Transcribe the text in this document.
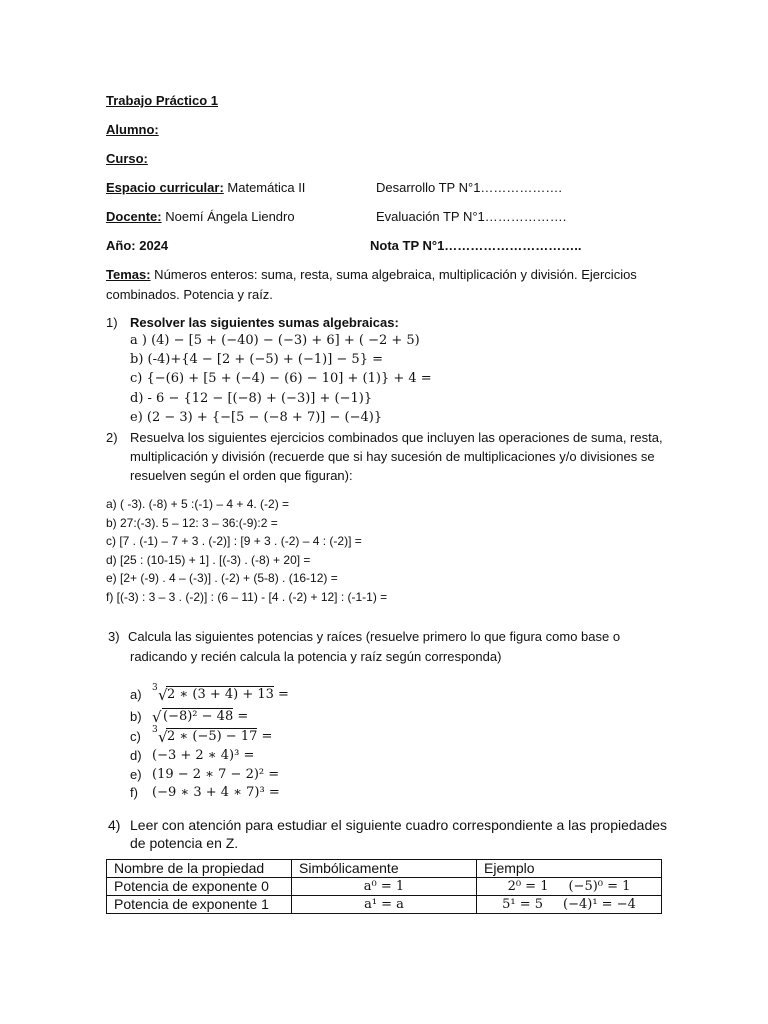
Trabajo Práctico 1
Alumno:
Curso:
Espacio curricular: Matemática II	Desarrollo TP N°1……………….
Docente: Noemí Ángela Liendro	Evaluación TP N°1……………….
Año: 2024	Nota TP N°1…………………………..
Temas: Números enteros: suma, resta, suma algebraica, multiplicación y división. Ejercicios
combinados. Potencia y raíz.
1) Resolver las siguientes sumas algebraicas:
a ) (4) − [5 + (−40) − (−3) + 6] + ( −2 + 5)
b) (-4)+{4 − [2 + (−5) + (−1)] − 5} =
c) {−(6) + [5 + (−4) − (6) − 10] + (1)} + 4 =
d) - 6 − {12 − [(−8) + (−3)] + (−1)}
e) (2 − 3) + {−[5 − (−8 + 7)] − (−4)}
2) Resuelva los siguientes ejercicios combinados que incluyen las operaciones de suma, resta,
multiplicación y división (recuerde que si hay sucesión de multiplicaciones y/o divisiones se
resuelven según el orden que figuran):
a) ( -3). (-8) + 5 :(-1) – 4 + 4. (-2) =
b) 27:(-3). 5 – 12: 3 – 36:(-9):2 =
c) [7 . (-1) – 7 + 3 . (-2)] : [9 + 3 . (-2) – 4 : (-2)] =
d) [25 : (10-15) + 1] . [(-3) . (-8) + 20] =
e) [2+ (-9) . 4 – (-3)] . (-2) + (5-8) . (16-12) =
f) [(-3) : 3 – 3 . (-2)] : (6 – 11) - [4 . (-2) + 12] : (-1-1) =
3) Calcula las siguientes potencias y raíces (resuelve primero lo que figura como base o
radicando y recién calcula la potencia y raíz según corresponda)
a) 3 √ 2 ∗ (3 + 4) + 13 =
b) √ (−8)² − 48 =
c) 3 √ 2 ∗ (−5) − 17 =
d) (−3 + 2 ∗ 4)³ =
e) (19 − 2 ∗ 7 − 2)² =
f) (−9 ∗ 3 + 4 ∗ 7)³ =
4) Leer con atención para estudiar el siguiente cuadro correspondiente a las propiedades
de potencia en Z.
Nombre de la propiedad	Simbólicamente	Ejemplo
Potencia de exponente 0	a⁰ = 1	2⁰ = 1 (−5)⁰ = 1
Potencia de exponente 1	a¹ = a	5¹ = 5 (−4)¹ = −4
